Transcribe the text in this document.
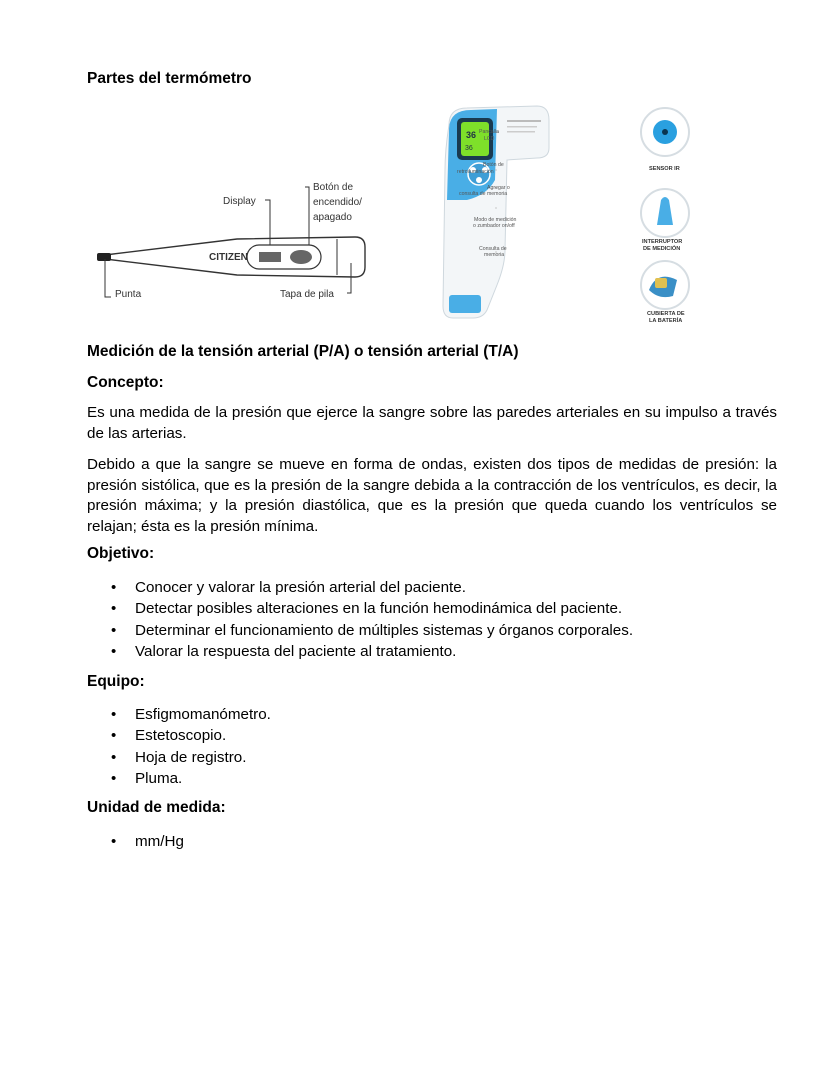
Partes del termómetro
CITIZEN
Display
Botón de
encendido/
apagado
Punta	Tapa de pila
36
36
Pancalla
LCD
Botón de
retroiluminación
Agregar o
consulta de memoria
Modo de medición
o zumbador on/off
Consulta de
memoria
SENSOR IR
INTERRUPTOR
DE MEDICIÓN
CUBIERTA DE
LA BATERÍA
Medición de la tensión arterial (P/A) o tensión arterial (T/A)
Concepto:
Es una medida de la presión que ejerce la sangre sobre las paredes arteriales en su impulso a través de las arterias.
Debido a que la sangre se mueve en forma de ondas, existen dos tipos de medidas de presión: la presión sistólica, que es la presión de la sangre debida a la contracción de los ventrículos, es decir, la presión máxima; y la presión diastólica, que es la presión que queda cuando los ventrículos se relajan; ésta es la presión mínima.
Objetivo:
• Conocer y valorar la presión arterial del paciente.
• Detectar posibles alteraciones en la función hemodinámica del paciente.
• Determinar el funcionamiento de múltiples sistemas y órganos corporales.
• Valorar la respuesta del paciente al tratamiento.
Equipo:
• Esfigmomanómetro.
• Estetoscopio.
• Hoja de registro.
• Pluma.
Unidad de medida:
• mm/Hg
